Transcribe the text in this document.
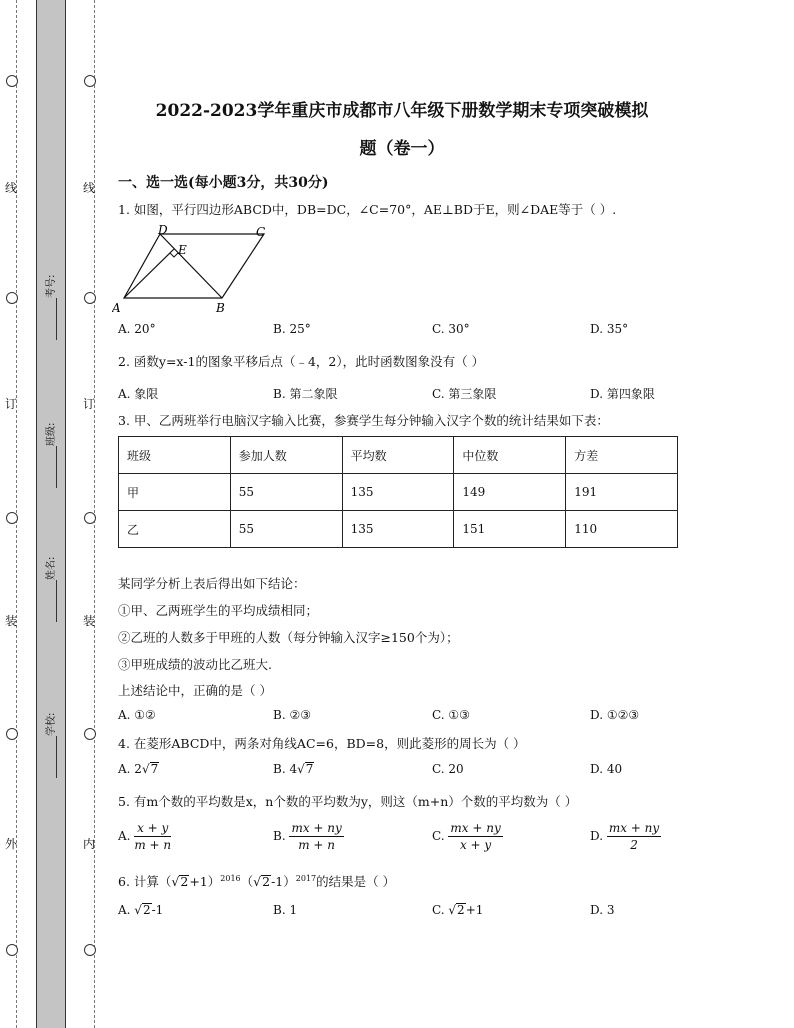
线
订
装
外
线
订
装
内
考号:
班级:
姓名:
学校:
2022-2023学年重庆市成都市八年级下册数学期末专项突破模拟
题（卷一）
一、选一选(每小题3分，共30分)
1. 如图，平行四边形ABCD中，DB=DC，∠C=70°，AE⊥BD于E，则∠DAE等于（ ）.
A	B
C
D
E
A. 20°	B. 25°	C. 30°	D. 35°
2. 函数y=x-1的图象平移后点（﹣4，2），此时函数图象没有（ ）
A. 象限	B. 第二象限	C. 第三象限	D. 第四象限
3. 甲、乙两班举行电脑汉字输入比赛，参赛学生每分钟输入汉字个数的统计结果如下表：
班级	参加人数	平均数	中位数	方差
甲	55	135	149	191
乙	55	135	151	110
某同学分析上表后得出如下结论：
①甲、乙两班学生的平均成绩相同；
②乙班的人数多于甲班的人数（每分钟输入汉字≥150个为）；
③甲班成绩的波动比乙班大.
上述结论中，正确的是（ ）
A. ①②	B. ②③	C. ①③	D. ①②③
4. 在菱形ABCD中，两条对角线AC=6，BD=8，则此菱形的周长为（ ）
A. 2√7	B. 4√7	C. 20	D. 40
5. 有m个数的平均数是x，n个数的平均数为y，则这（m+n）个数的平均数为（ ）
A. $\frac{x + y}{m + n}$	B. $\frac{mx + ny}{m + n}$	C. $\frac{mx + ny}{x + y}$	D. $\frac{mx + ny}{2}$
6. 计算$(√2+1)^{2016}(√2-1)^{2017}$的结果是（ ）
A. √2-1	B. 1	C. √2+1	D. 3
